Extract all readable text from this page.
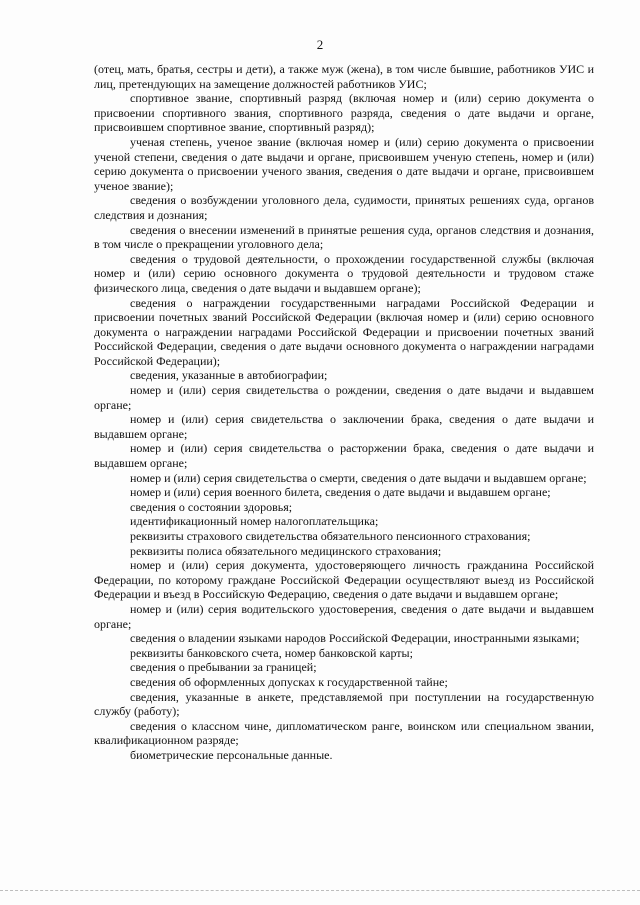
2

(отец, мать, братья, сестры и дети), а также муж (жена), в том числе бывшие, работников УИС и лиц, претендующих на замещение должностей работников УИС;

спортивное звание, спортивный разряд (включая номер и (или) серию документа о присвоении спортивного звания, спортивного разряда, сведения о дате выдачи и органе, присвоившем спортивное звание, спортивный разряд);

ученая степень, ученое звание (включая номер и (или) серию документа о присвоении ученой степени, сведения о дате выдачи и органе, присвоившем ученую степень, номер и (или) серию документа о присвоении ученого звания, сведения о дате выдачи и органе, присвоившем ученое звание);

сведения о возбуждении уголовного дела, судимости, принятых решениях суда, органов следствия и дознания;

сведения о внесении изменений в принятые решения суда, органов следствия и дознания, в том числе о прекращении уголовного дела;

сведения о трудовой деятельности, о прохождении государственной службы (включая номер и (или) серию основного документа о трудовой деятельности и трудовом стаже физического лица, сведения о дате выдачи и выдавшем органе);

сведения о награждении государственными наградами Российской Федерации и присвоении почетных званий Российской Федерации (включая номер и (или) серию основного документа о награждении наградами Российской Федерации и присвоении почетных званий Российской Федерации, сведения о дате выдачи основного документа о награждении наградами Российской Федерации);

сведения, указанные в автобиографии;

номер и (или) серия свидетельства о рождении, сведения о дате выдачи и выдавшем органе;

номер и (или) серия свидетельства о заключении брака, сведения о дате выдачи и выдавшем органе;

номер и (или) серия свидетельства о расторжении брака, сведения о дате выдачи и выдавшем органе;

номер и (или) серия свидетельства о смерти, сведения о дате выдачи и выдавшем органе;

номер и (или) серия военного билета, сведения о дате выдачи и выдавшем органе;

сведения о состоянии здоровья;

идентификационный номер налогоплательщика;

реквизиты страхового свидетельства обязательного пенсионного страхования;

реквизиты полиса обязательного медицинского страхования;

номер и (или) серия документа, удостоверяющего личность гражданина Российской Федерации, по которому граждане Российской Федерации осуществляют выезд из Российской Федерации и въезд в Российскую Федерацию, сведения о дате выдачи и выдавшем органе;

номер и (или) серия водительского удостоверения, сведения о дате выдачи и выдавшем органе;

сведения о владении языками народов Российской Федерации, иностранными языками;

реквизиты банковского счета, номер банковской карты;

сведения о пребывании за границей;

сведения об оформленных допусках к государственной тайне;

сведения, указанные в анкете, представляемой при поступлении на государственную службу (работу);

сведения о классном чине, дипломатическом ранге, воинском или специальном звании, квалификационном разряде;

биометрические персональные данные.
